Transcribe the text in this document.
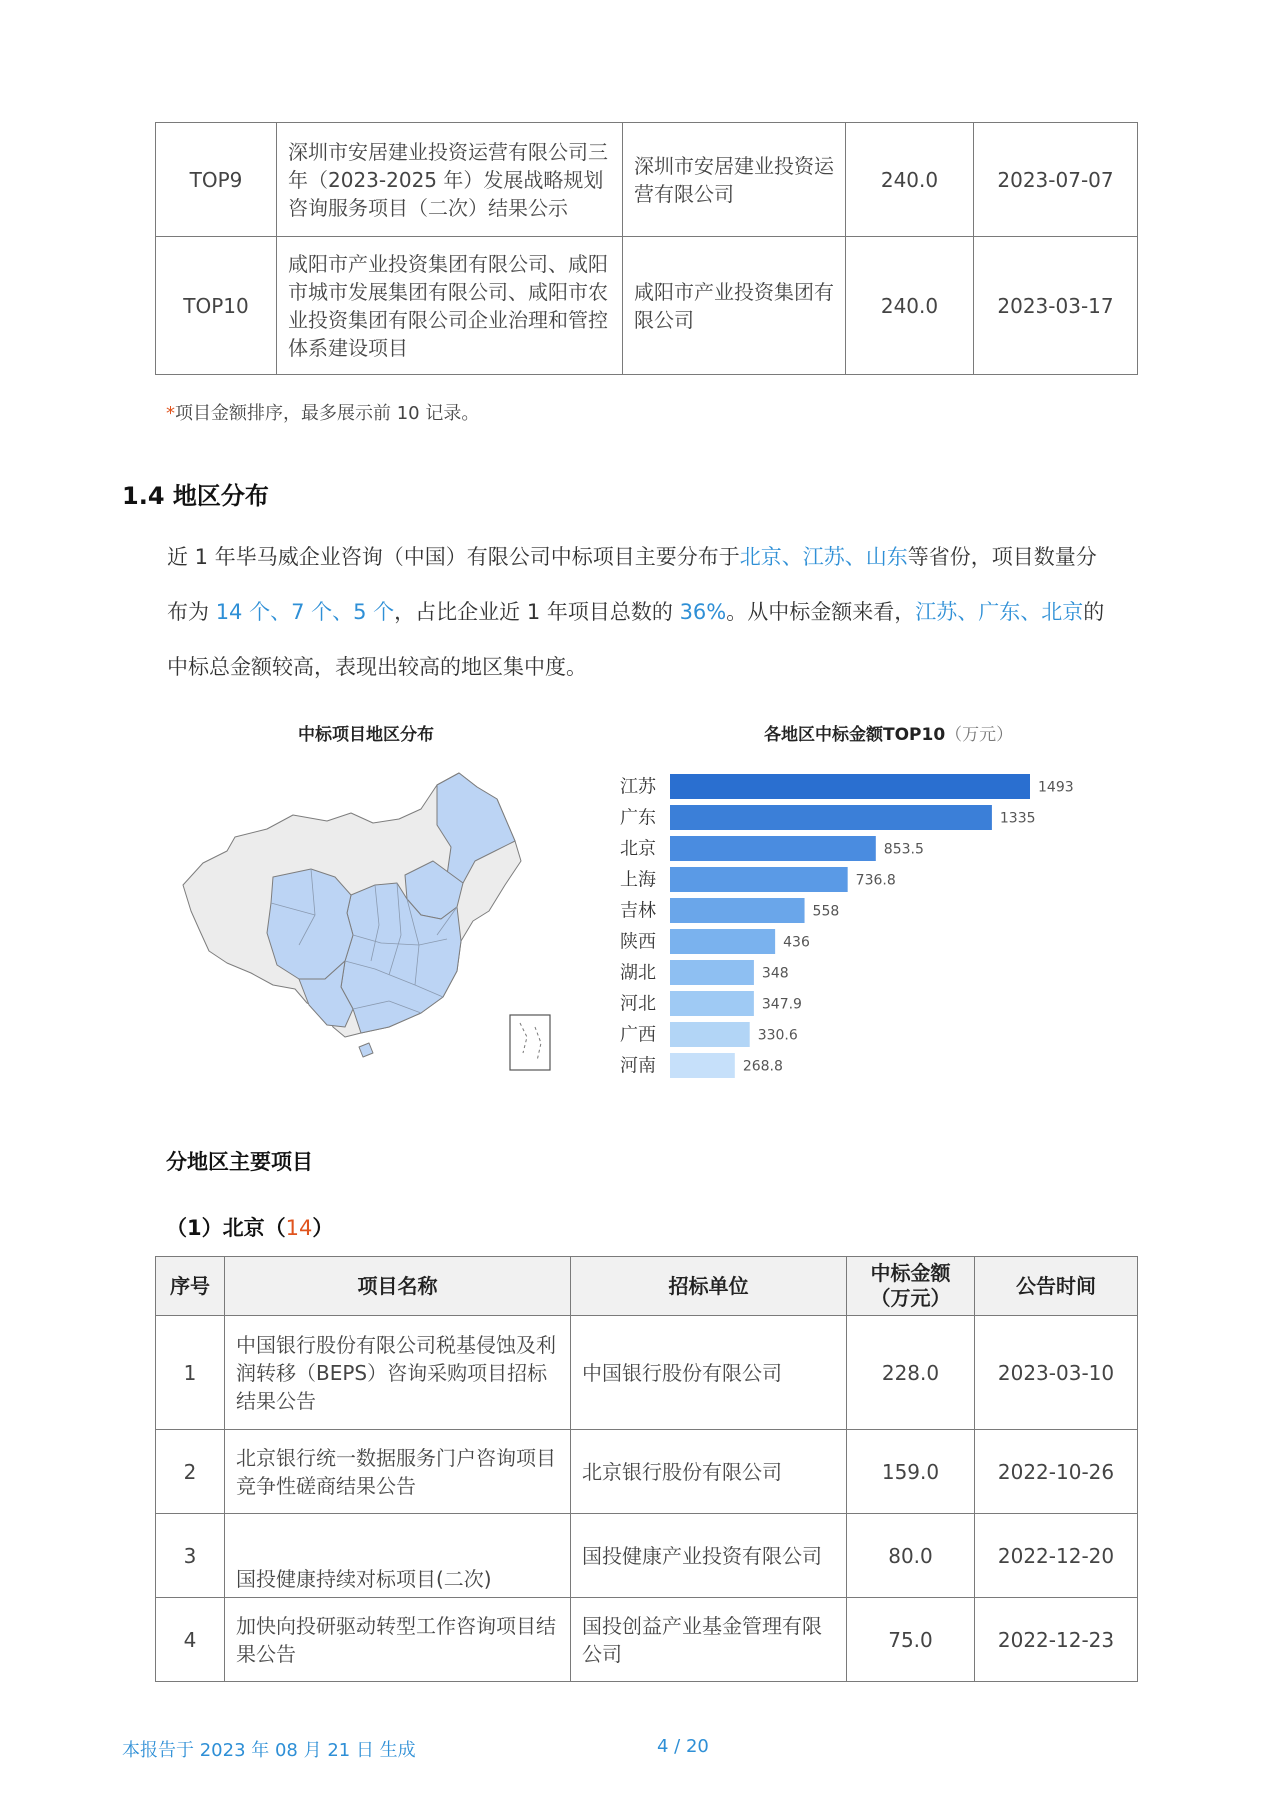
TOP9	深圳市安居建业投资运营有限公司三年（2023-2025 年）发展战略规划咨询服务项目（二次）结果公示	深圳市安居建业投资运营有限公司	240.0	2023-07-07
TOP10	咸阳市产业投资集团有限公司、咸阳市城市发展集团有限公司、咸阳市农业投资集团有限公司企业治理和管控体系建设项目	咸阳市产业投资集团有限公司	240.0	2023-03-17
*项目金额排序，最多展示前 10 记录。
1.4 地区分布
近 1 年毕马威企业咨询（中国）有限公司中标项目主要分布于北京、江苏、山东等省份，项目数量分
布为 14 个、7 个、5 个，占比企业近 1 年项目总数的 36%。从中标金额来看，江苏、广东、北京的
中标总金额较高，表现出较高的地区集中度。
中标项目地区分布	各地区中标金额TOP10（万元）
江苏	1493
广东	1335
北京	853.5
上海	736.8
吉林	558
陕西	436
湖北	348
河北	347.9
广西	330.6
河南	268.8
分地区主要项目
（1）北京（14）
序号	项目名称	招标单位	中标金额（万元）	公告时间
1	中国银行股份有限公司税基侵蚀及利润转移（BEPS）咨询采购项目招标结果公告	中国银行股份有限公司	228.0	2023-03-10
2	北京银行统一数据服务门户咨询项目竞争性磋商结果公告	北京银行股份有限公司	159.0	2022-10-26
3	国投健康持续对标项目(二次)	国投健康产业投资有限公司	80.0	2022-12-20
4	加快向投研驱动转型工作咨询项目结果公告	国投创益产业基金管理有限公司	75.0	2022-12-23
本报告于 2023 年 08 月 21 日 生成	4 / 20
